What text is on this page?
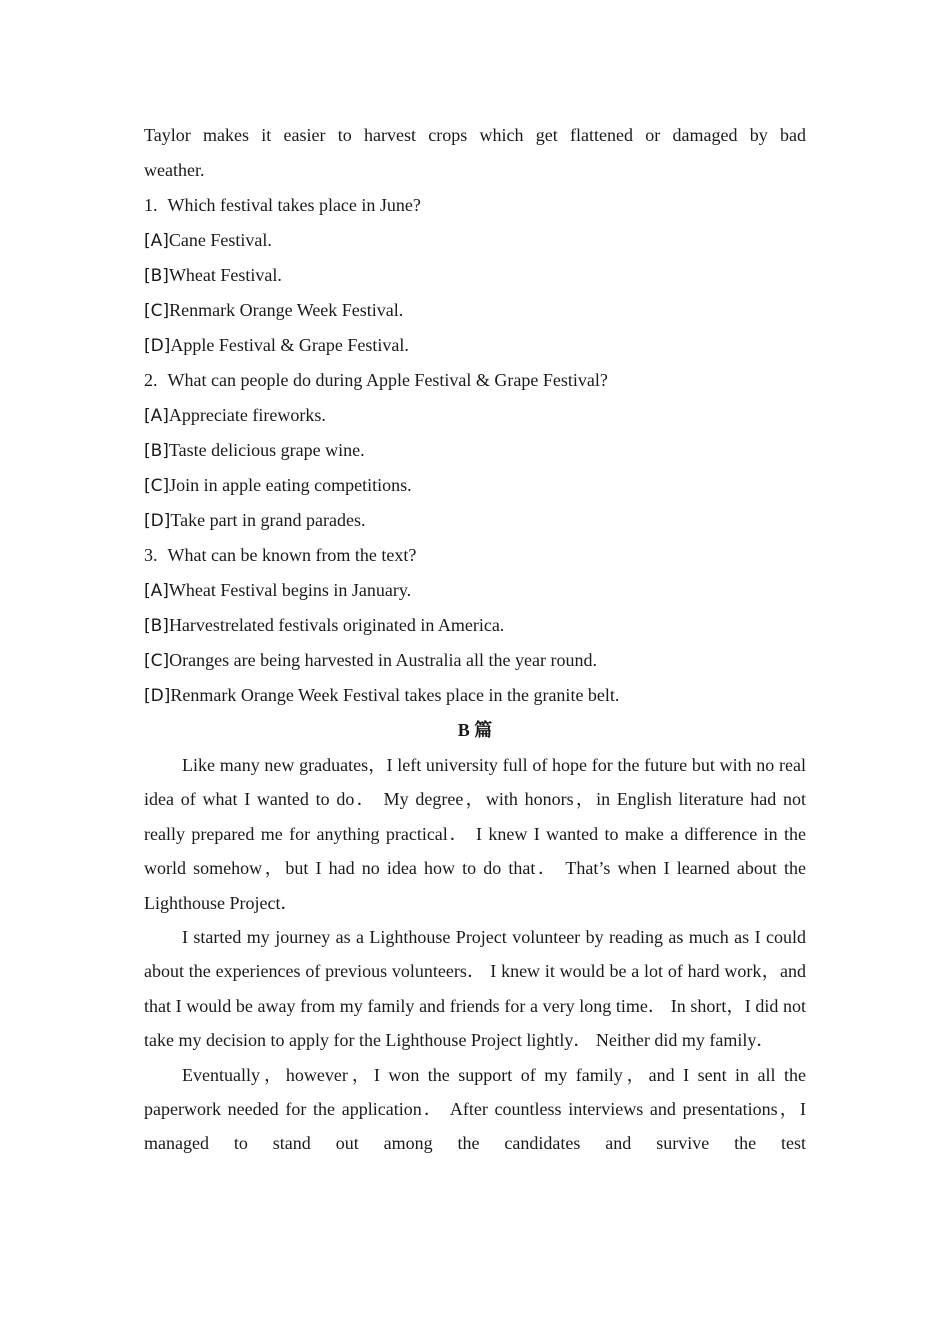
Taylor makes it easier to harvest crops which get flattened or damaged by bad
weather.
1. Which festival takes place in June?
[A]Cane Festival.
[B]Wheat Festival.
[C]Renmark Orange Week Festival.
[D]Apple Festival & Grape Festival.
2. What can people do during Apple Festival & Grape Festival?
[A]Appreciate fireworks.
[B]Taste delicious grape wine.
[C]Join in apple eating competitions.
[D]Take part in grand parades.
3. What can be known from the text?
[A]Wheat Festival begins in January.
[B]Harvestrelated festivals originated in America.
[C]Oranges are being harvested in Australia all the year round.
[D]Renmark Orange Week Festival takes place in the granite belt.
B 篇

Like many new graduates，I left university full of hope for the future but with no real idea of what I wanted to do． My degree，with honors，in English literature had not really prepared me for anything practical． I knew I wanted to make a difference in the world somehow，but I had no idea how to do that． That’s when I learned about the Lighthouse Project．

I started my journey as a Lighthouse Project volunteer by reading as much as I could about the experiences of previous volunteers． I knew it would be a lot of hard work，and that I would be away from my family and friends for a very long time． In short，I did not take my decision to apply for the Lighthouse Project lightly． Neither did my family．

Eventually，however，I won the support of my family，and I sent in all the paperwork needed for the application． After countless interviews and presentations，I managed to stand out among the candidates and survive the test
